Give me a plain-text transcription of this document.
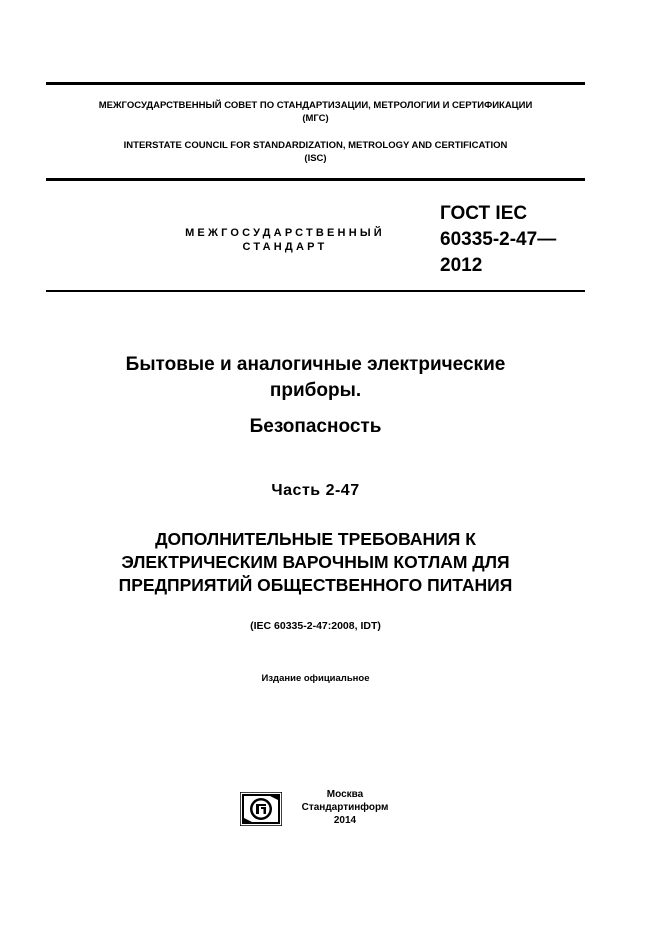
МЕЖГОСУДАРСТВЕННЫЙ СОВЕТ ПО СТАНДАРТИЗАЦИИ, МЕТРОЛОГИИ И СЕРТИФИКАЦИИ
(МГС)
INTERSTATE COUNCIL FOR STANDARDIZATION, METROLOGY AND CERTIFICATION
(ISC)
МЕЖГОСУДАРСТВЕННЫЙ
СТАНДАРТ
ГОСТ IEC
60335-2-47—
2012
Бытовые и аналогичные электрические
приборы.
Безопасность
Часть 2-47
ДОПОЛНИТЕЛЬНЫЕ ТРЕБОВАНИЯ К
ЭЛЕКТРИЧЕСКИМ ВАРОЧНЫМ КОТЛАМ ДЛЯ
ПРЕДПРИЯТИЙ ОБЩЕСТВЕННОГО ПИТАНИЯ
(IEC 60335-2-47:2008, IDT)
Издание официальное
Москва
Стандартинформ
2014
